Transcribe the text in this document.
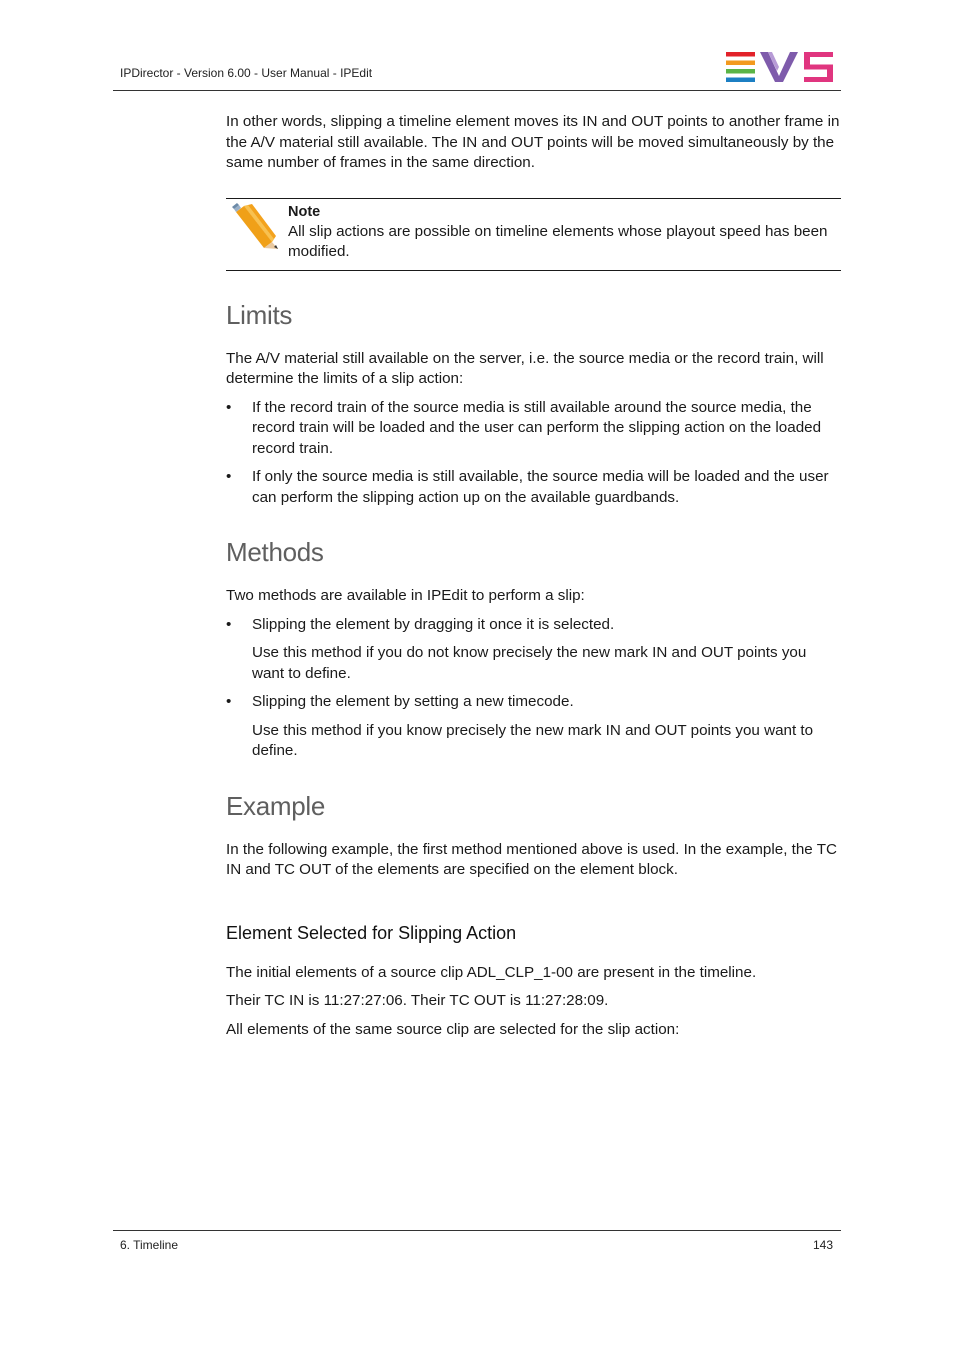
IPDirector - Version 6.00 - User Manual - IPEdit

In other words, slipping a timeline element moves its IN and OUT points to another frame in the A/V material still available. The IN and OUT points will be moved simultaneously by the same number of frames in the same direction.

Note
All slip actions are possible on timeline elements whose playout speed has been modified.
Limits

The A/V material still available on the server, i.e. the source media or the record train, will determine the limits of a slip action:

• If the record train of the source media is still available around the source media, the record train will be loaded and the user can perform the slipping action on the loaded record train.
• If only the source media is still available, the source media will be loaded and the user can perform the slipping action up on the available guardbands.
Methods

Two methods are available in IPEdit to perform a slip:

• Slipping the element by dragging it once it is selected.

Use this method if you do not know precisely the new mark IN and OUT points you want to define.

• Slipping the element by setting a new timecode.

Use this method if you know precisely the new mark IN and OUT points you want to define.

Example

In the following example, the first method mentioned above is used. In the example, the TC IN and TC OUT of the elements are specified on the element block.

Element Selected for Slipping Action

The initial elements of a source clip ADL_CLP_1-00 are present in the timeline.

Their TC IN is 11:27:27:06. Their TC OUT is 11:27:28:09.

All elements of the same source clip are selected for the slip action:

6. Timeline	143
